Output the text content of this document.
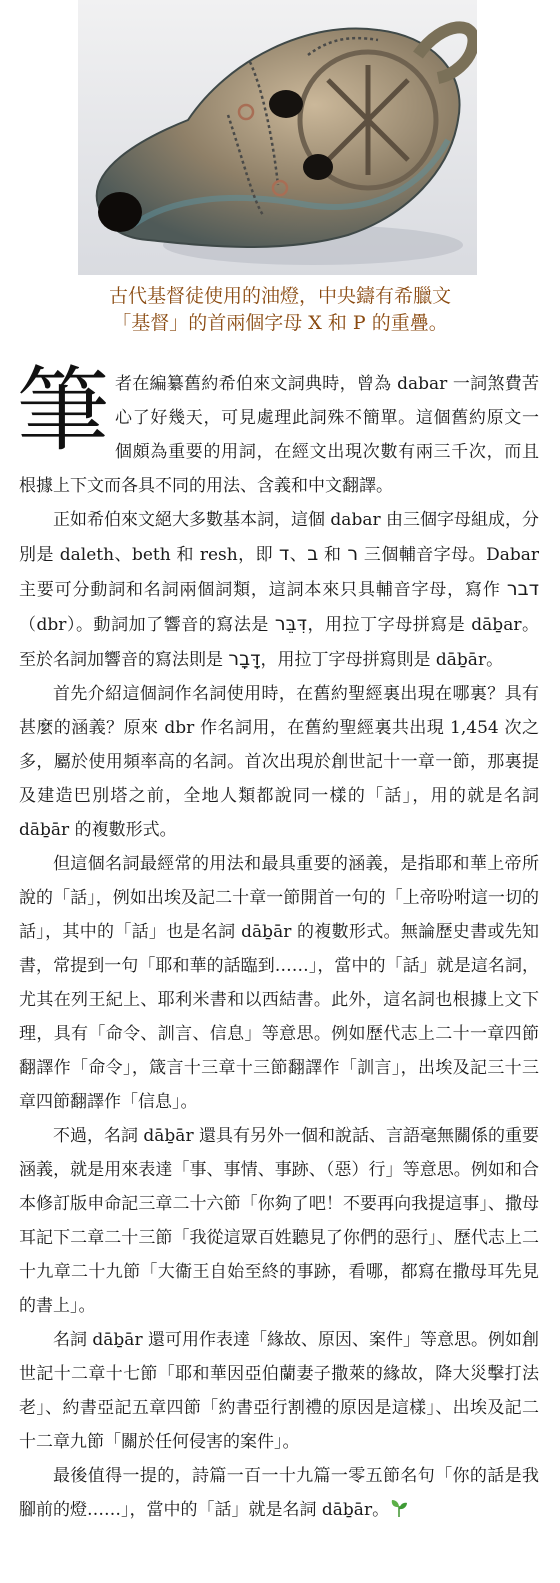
古代基督徒使用的油燈，中央鑄有希臘文
「基督」的首兩個字母 X 和 P 的重疊。

筆者在編纂舊約希伯來文詞典時，曾為 dabar 一詞煞費苦心了好幾天，可見處理此詞殊不簡單。這個舊約原文一個頗為重要的用詞，在經文出現次數有兩三千次，而且根據上下文而各具不同的用法、含義和中文翻譯。

正如希伯來文絕大多數基本詞，這個 dabar 由三個字母組成，分別是 daleth、beth 和 resh，即 ד、ב 和 ר 三個輔音字母。Dabar 主要可分動詞和名詞兩個詞類，這詞本來只具輔音字母，寫作 דבר（dbr）。動詞加了響音的寫法是 דִּבֵּר，用拉丁字母拼寫是 dāḇar。至於名詞加響音的寫法則是 דָּבָר，用拉丁字母拼寫則是 dāḇār。

首先介紹這個詞作名詞使用時，在舊約聖經裏出現在哪裏？具有甚麼的涵義？原來 dbr 作名詞用，在舊約聖經裏共出現 1,454 次之多，屬於使用頻率高的名詞。首次出現於創世記十一章一節，那裏提及建造巴別塔之前，全地人類都說同一樣的「話」，用的就是名詞 dāḇār 的複數形式。

但這個名詞最經常的用法和最具重要的涵義，是指耶和華上帝所說的「話」，例如出埃及記二十章一節開首一句的「上帝吩咐這一切的話」，其中的「話」也是名詞 dāḇār 的複數形式。無論歷史書或先知書，常提到一句「耶和華的話臨到……」，當中的「話」就是這名詞，尤其在列王紀上、耶利米書和以西結書。此外，這名詞也根據上文下理，具有「命令、訓言、信息」等意思。例如歷代志上二十一章四節翻譯作「命令」，箴言十三章十三節翻譯作「訓言」，出埃及記三十三章四節翻譯作「信息」。

不過，名詞 dāḇār 還具有另外一個和說話、言語毫無關係的重要涵義，就是用來表達「事、事情、事跡、（惡）行」等意思。例如和合本修訂版申命記三章二十六節「你夠了吧！不要再向我提這事」、撒母耳記下二章二十三節「我從這眾百姓聽見了你們的惡行」、歷代志上二十九章二十九節「大衞王自始至終的事跡，看哪，都寫在撒母耳先見的書上」。

名詞 dāḇār 還可用作表達「緣故、原因、案件」等意思。例如創世記十二章十七節「耶和華因亞伯蘭妻子撒萊的緣故，降大災擊打法老」、約書亞記五章四節「約書亞行割禮的原因是這樣」、出埃及記二十二章九節「關於任何侵害的案件」。

最後值得一提的，詩篇一百一十九篇一零五節名句「你的話是我腳前的燈……」，當中的「話」就是名詞 dāḇār。
